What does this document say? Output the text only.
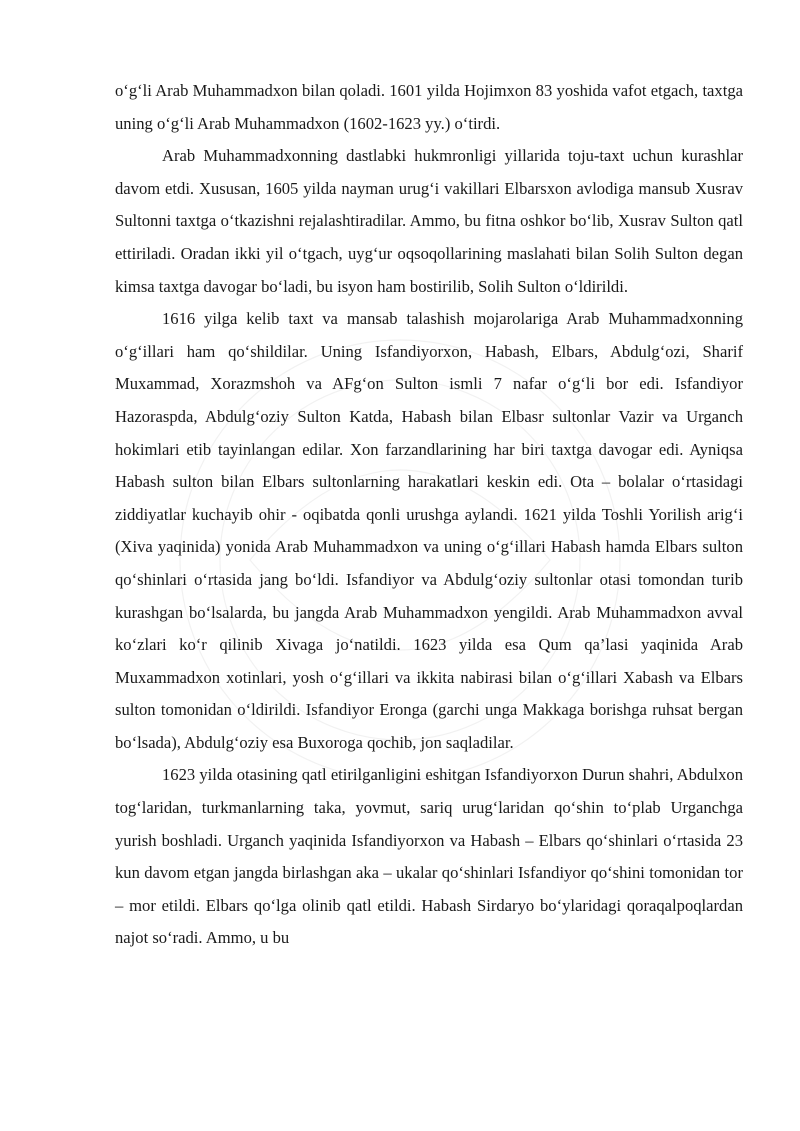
o‘g‘li Arab Muhammadxon bilan qoladi. 1601 yilda Hojimxon 83 yoshida vafot etgach, taxtga uning o‘g‘li Arab Muhammadxon (1602-1623 yy.) o‘tirdi.

Arab Muhammadxonning dastlabki hukmronligi yillarida toju-taxt uchun kurashlar davom etdi. Xususan, 1605 yilda nayman urug‘i vakillari Elbarsxon avlodiga mansub Xusrav Sultonni taxtga o‘tkazishni rejalashtiradilar. Ammo, bu fitna oshkor bo‘lib, Xusrav Sulton qatl ettiriladi. Oradan ikki yil o‘tgach, uyg‘ur oqsoqollarining maslahati bilan Solih Sulton degan kimsa taxtga davogar bo‘ladi, bu isyon ham bostirilib, Solih Sulton o‘ldirildi.

1616 yilga kelib taxt va mansab talashish mojarolariga Arab Muhammadxonning o‘g‘illari ham qo‘shildilar. Uning Isfandiyorxon, Habash, Elbars, Abdulg‘ozi, Sharif Muxammad, Xorazmshoh va AFg‘on Sulton ismli 7 nafar o‘g‘li bor edi. Isfandiyor Hazoraspda, Abdulg‘oziy Sulton Katda, Habash bilan Elbasr sultonlar Vazir va Urganch hokimlari etib tayinlangan edilar. Xon farzandlarining har biri taxtga davogar edi. Ayniqsa Habash sulton bilan Elbars sultonlarning harakatlari keskin edi. Ota – bolalar o‘rtasidagi ziddiyatlar kuchayib ohir - oqibatda qonli urushga aylandi. 1621 yilda Toshli Yorilish arig‘i (Xiva yaqinida) yonida Arab Muhammadxon va uning o‘g‘illari Habash hamda Elbars sulton qo‘shinlari o‘rtasida jang bo‘ldi. Isfandiyor va Abdulg‘oziy sultonlar otasi tomondan turib kurashgan bo‘lsalarda, bu jangda Arab Muhammadxon yengildi. Arab Muhammadxon avval ko‘zlari ko‘r qilinib Xivaga jo‘natildi. 1623 yilda esa Qum qa’lasi yaqinida Arab Muxammadxon xotinlari, yosh o‘g‘illari va ikkita nabirasi bilan o‘g‘illari Xabash va Elbars sulton tomonidan o‘ldirildi. Isfandiyor Eronga (garchi unga Makkaga borishga ruhsat bergan bo‘lsada), Abdulg‘oziy esa Buxoroga qochib, jon saqladilar.

1623 yilda otasining qatl etirilganligini eshitgan Isfandiyorxon Durun shahri, Abdulxon tog‘laridan, turkmanlarning taka, yovmut, sariq urug‘laridan qo‘shin to‘plab Urganchga yurish boshladi. Urganch yaqinida Isfandiyorxon va Habash – Elbars qo‘shinlari o‘rtasida 23 kun davom etgan jangda birlashgan aka – ukalar qo‘shinlari Isfandiyor qo‘shini tomonidan tor – mor etildi. Elbars qo‘lga olinib qatl etildi. Habash Sirdaryo bo‘ylaridagi qoraqalpoqlardan najot so‘radi. Ammo, u bu
